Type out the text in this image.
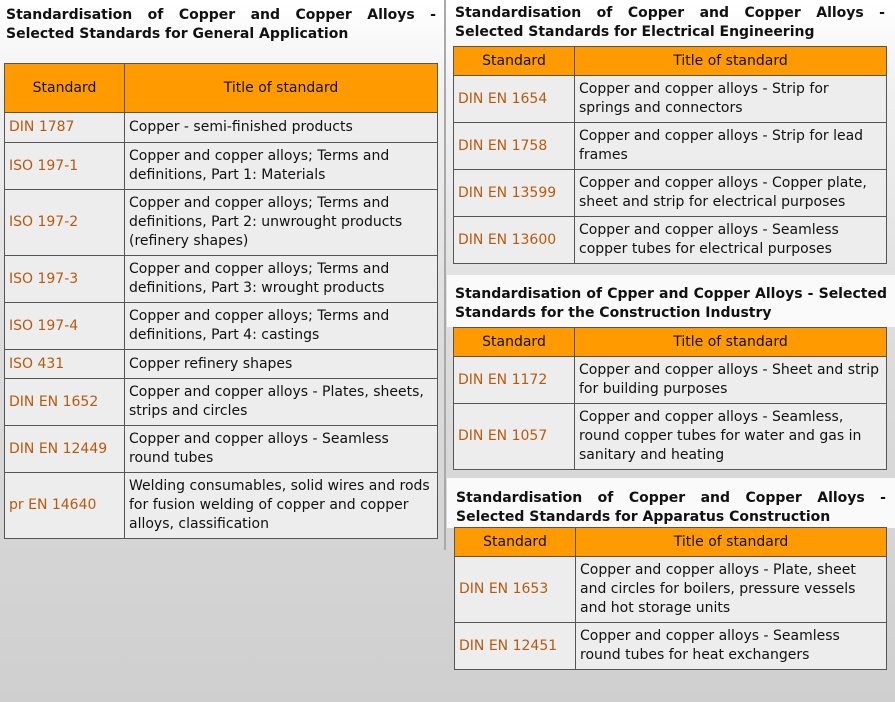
Standardisation of Copper and Copper Alloys -

Selected Standards for General Application

Standard	Title of standard
DIN 1787	Copper - semi-finished products
ISO 197-1	Copper and copper alloys; Terms and definitions, Part 1: Materials
ISO 197-2	Copper and copper alloys; Terms and definitions, Part 2: unwrought products (refinery shapes)
ISO 197-3	Copper and copper alloys; Terms and definitions, Part 3: wrought products
ISO 197-4	Copper and copper alloys; Terms and definitions, Part 4: castings
ISO 431	Copper refinery shapes
DIN EN 1652	Copper and copper alloys - Plates, sheets, strips and circles
DIN EN 12449	Copper and copper alloys - Seamless round tubes
pr EN 14640	Welding consumables, solid wires and rods for fusion welding of copper and copper alloys, classification

Standardisation of Copper and Copper Alloys -

Selected Standards for Electrical Engineering

Standard	Title of standard
DIN EN 1654	Copper and copper alloys - Strip for springs and connectors
DIN EN 1758	Copper and copper alloys - Strip for lead frames
DIN EN 13599	Copper and copper alloys - Copper plate, sheet and strip for electrical purposes
DIN EN 13600	Copper and copper alloys - Seamless copper tubes for electrical purposes

Standardisation of Cpper and Copper Alloys - Selected

Standards for the Construction Industry

Standard	Title of standard
DIN EN 1172	Copper and copper alloys - Sheet and strip for building purposes
DIN EN 1057	Copper and copper alloys - Seamless, round copper tubes for water and gas in sanitary and heating

Standardisation of Copper and Copper Alloys -

Selected Standards for Apparatus Construction

Standard	Title of standard
DIN EN 1653	Copper and copper alloys - Plate, sheet and circles for boilers, pressure vessels and hot storage units
DIN EN 12451	Copper and copper alloys - Seamless round tubes for heat exchangers
